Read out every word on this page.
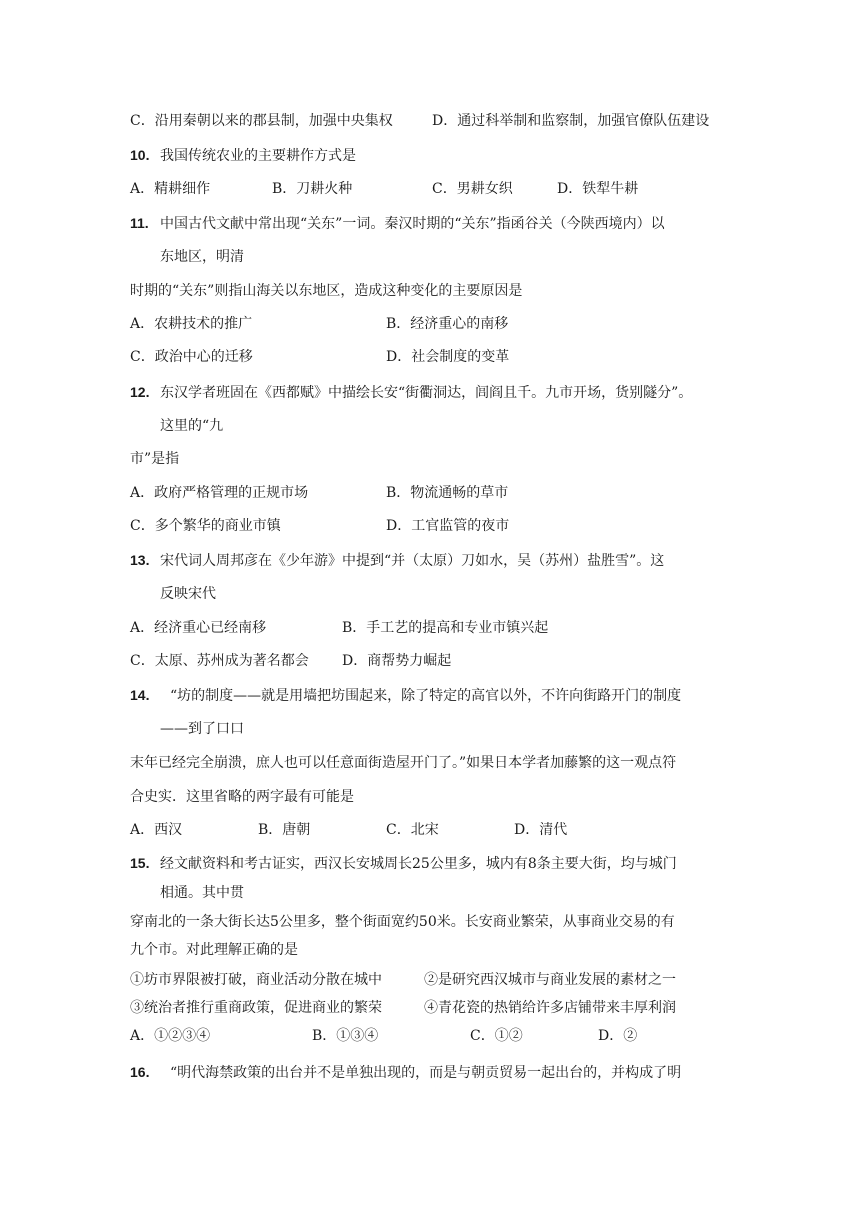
C．沿用秦朝以来的郡县制，加强中央集权	D．通过科举制和监察制，加强官僚队伍建设
10. 我国传统农业的主要耕作方式是
A．精耕细作	B．刀耕火种	C．男耕女织	D．铁犁牛耕
11. 中国古代文献中常出现“关东”一词。秦汉时期的“关东”指函谷关（今陕西境内）以
东地区，明清
时期的“关东”则指山海关以东地区，造成这种变化的主要原因是
A．农耕技术的推广	B．经济重心的南移
C．政治中心的迁移	D．社会制度的变革
12. 东汉学者班固在《西都赋》中描绘长安“街衢洞达，闾阎且千。九市开场，货别隧分”。
这里的“九
市”是指
A．政府严格管理的正规市场	B．物流通畅的草市
C．多个繁华的商业市镇	D．工官监管的夜市
13. 宋代词人周邦彦在《少年游》中提到“并（太原）刀如水，吴（苏州）盐胜雪”。这
反映宋代
A．经济重心已经南移	B．手工艺的提高和专业市镇兴起
C．太原、苏州成为著名都会 D．商帮势力崛起
14. “坊的制度——就是用墙把坊围起来，除了特定的高官以外，不许向街路开门的制度
——到了口口
末年已经完全崩溃，庶人也可以任意面街造屋开门了。”如果日本学者加藤繁的这一观点符
合史实．这里省略的两字最有可能是
A．西汉	B．唐朝	C．北宋	D．清代
15. 经文献资料和考古证实，西汉长安城周长25公里多，城内有8条主要大街，均与城门
相通。其中贯
穿南北的一条大街长达5公里多，整个街面宽约50米。长安商业繁荣，从事商业交易的有
九个市。对此理解正确的是
①坊市界限被打破，商业活动分散在城中	②是研究西汉城市与商业发展的素材之一
③统治者推行重商政策，促进商业的繁荣	④青花瓷的热销给许多店铺带来丰厚利润
A．①②③④	B．①③④	C．①②	D．②
16. “明代海禁政策的出台并不是单独出现的，而是与朝贡贸易一起出台的，并构成了明
